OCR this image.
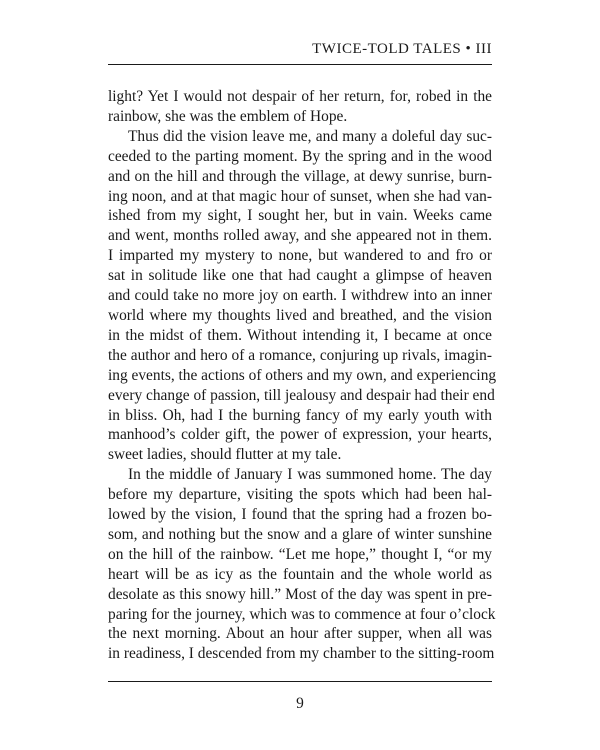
TWICE-TOLD TALES • III
light? Yet I would not despair of her return, for, robed in the
rainbow, she was the emblem of Hope.
Thus did the vision leave me, and many a doleful day suc-
ceeded to the parting moment. By the spring and in the wood
and on the hill and through the village, at dewy sunrise, burn-
ing noon, and at that magic hour of sunset, when she had van-
ished from my sight, I sought her, but in vain. Weeks came
and went, months rolled away, and she appeared not in them.
I imparted my mystery to none, but wandered to and fro or
sat in solitude like one that had caught a glimpse of heaven
and could take no more joy on earth. I withdrew into an inner
world where my thoughts lived and breathed, and the vision
in the midst of them. Without intending it, I became at once
the author and hero of a romance, conjuring up rivals, imagin-
ing events, the actions of others and my own, and experiencing
every change of passion, till jealousy and despair had their end
in bliss. Oh, had I the burning fancy of my early youth with
manhood’s colder gift, the power of expression, your hearts,
sweet ladies, should flutter at my tale.
In the middle of January I was summoned home. The day
before my departure, visiting the spots which had been hal-
lowed by the vision, I found that the spring had a frozen bo-
som, and nothing but the snow and a glare of winter sunshine
on the hill of the rainbow. “Let me hope,” thought I, “or my
heart will be as icy as the fountain and the whole world as
desolate as this snowy hill.” Most of the day was spent in pre-
paring for the journey, which was to commence at four o’clock
the next morning. About an hour after supper, when all was
in readiness, I descended from my chamber to the sitting-room
9
